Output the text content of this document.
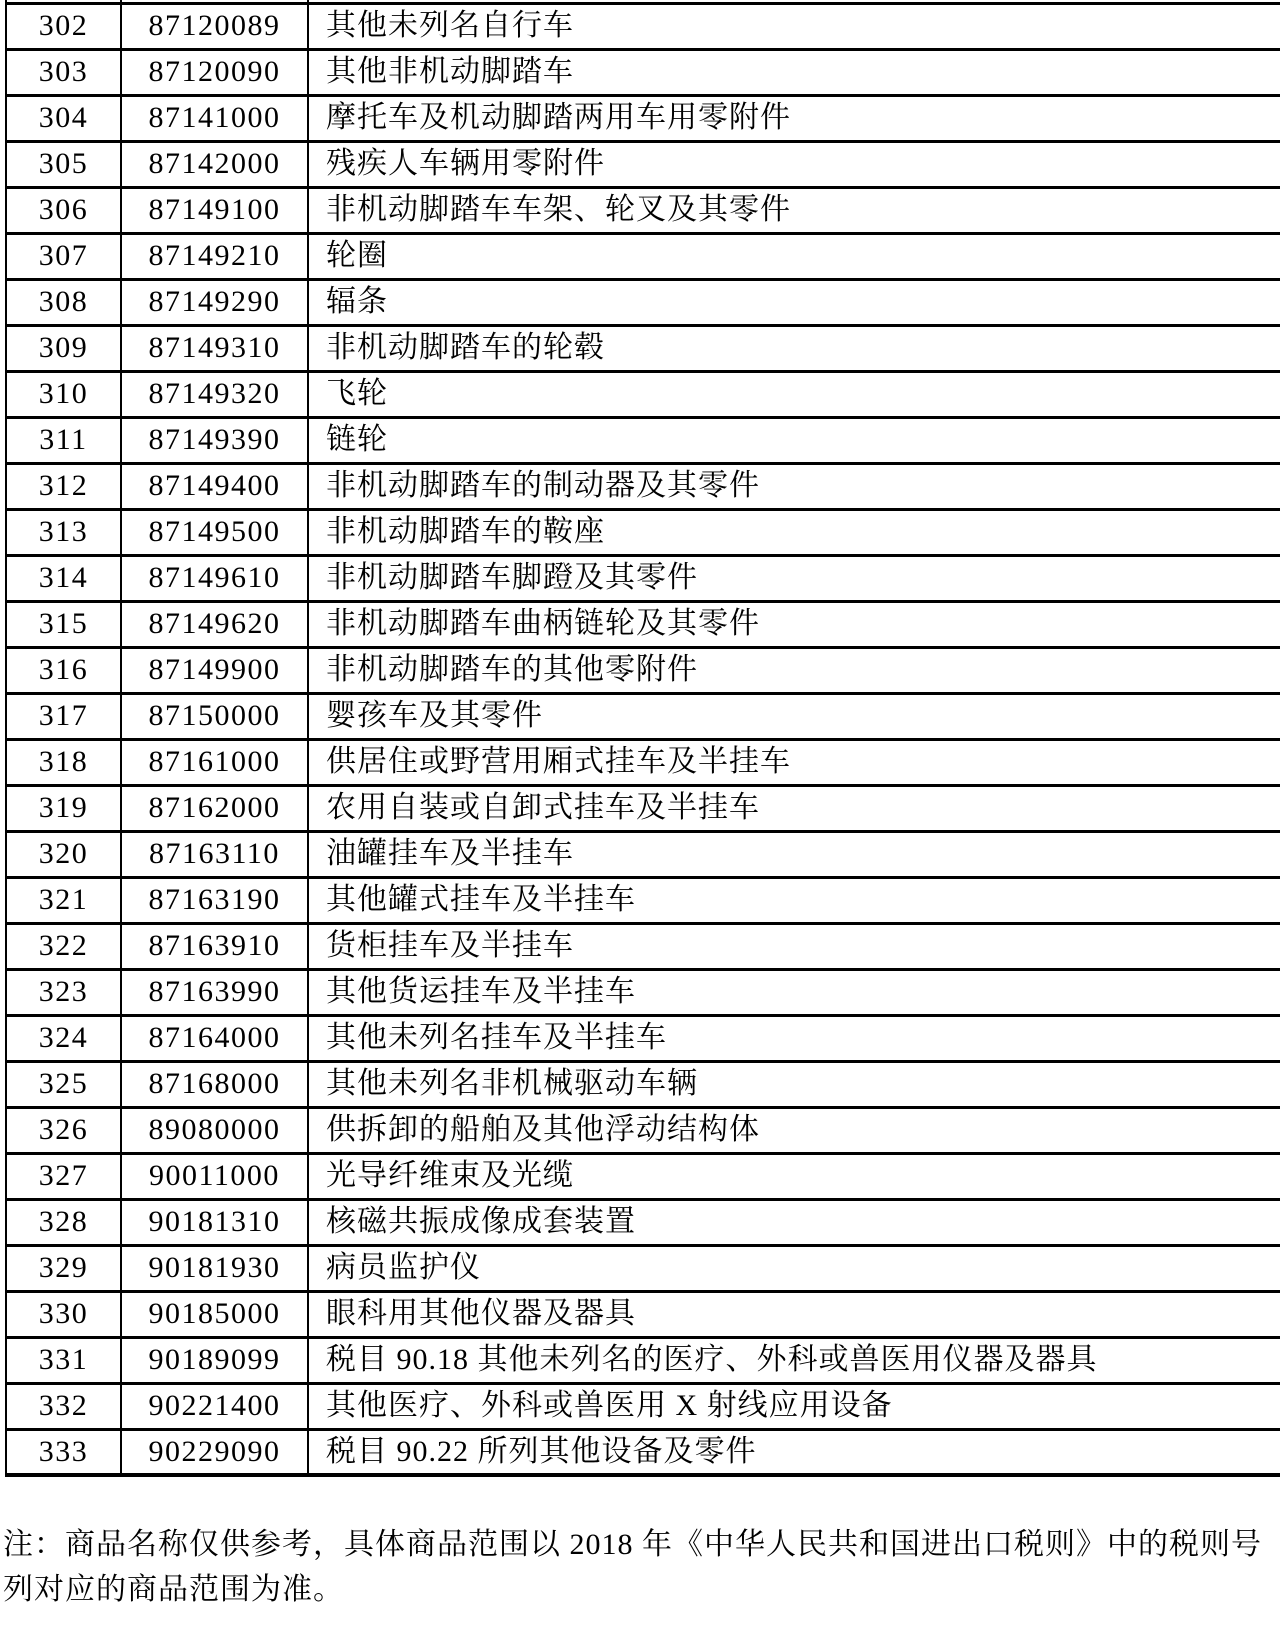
302	87120089	其他未列名自行车
303	87120090	其他非机动脚踏车
304	87141000	摩托车及机动脚踏两用车用零附件
305	87142000	残疾人车辆用零附件
306	87149100	非机动脚踏车车架、轮叉及其零件
307	87149210	轮圈
308	87149290	辐条
309	87149310	非机动脚踏车的轮毂
310	87149320	飞轮
311	87149390	链轮
312	87149400	非机动脚踏车的制动器及其零件
313	87149500	非机动脚踏车的鞍座
314	87149610	非机动脚踏车脚蹬及其零件
315	87149620	非机动脚踏车曲柄链轮及其零件
316	87149900	非机动脚踏车的其他零附件
317	87150000	婴孩车及其零件
318	87161000	供居住或野营用厢式挂车及半挂车
319	87162000	农用自装或自卸式挂车及半挂车
320	87163110	油罐挂车及半挂车
321	87163190	其他罐式挂车及半挂车
322	87163910	货柜挂车及半挂车
323	87163990	其他货运挂车及半挂车
324	87164000	其他未列名挂车及半挂车
325	87168000	其他未列名非机械驱动车辆
326	89080000	供拆卸的船舶及其他浮动结构体
327	90011000	光导纤维束及光缆
328	90181310	核磁共振成像成套装置
329	90181930	病员监护仪
330	90185000	眼科用其他仪器及器具
331	90189099	税目 90.18 其他未列名的医疗、外科或兽医用仪器及器具
332	90221400	其他医疗、外科或兽医用 X 射线应用设备
333	90229090	税目 90.22 所列其他设备及零件
注：商品名称仅供参考，具体商品范围以 2018 年《中华人民共和国进出口税则》中的税则号
列对应的商品范围为准。
